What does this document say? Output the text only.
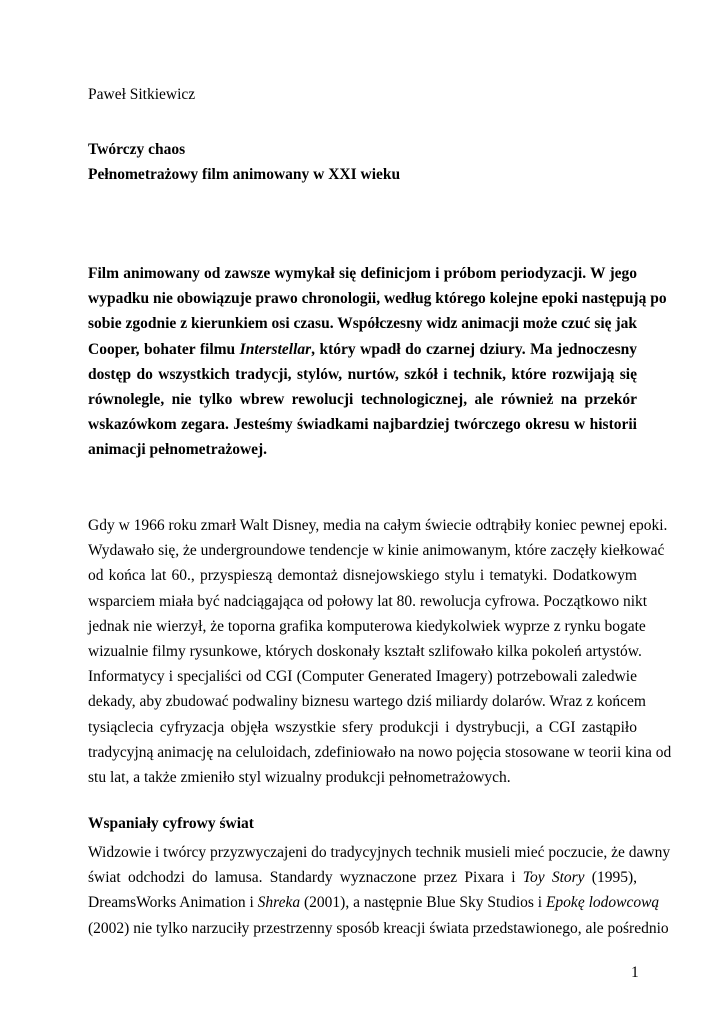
Paweł Sitkiewicz
Twórczy chaos
Pełnometrażowy film animowany w XXI wieku
Film animowany od zawsze wymykał się definicjom i próbom periodyzacji. W jego
wypadku nie obowiązuje prawo chronologii, według którego kolejne epoki następują po
sobie zgodnie z kierunkiem osi czasu. Współczesny widz animacji może czuć się jak
Cooper, bohater filmu Interstellar, który wpadł do czarnej dziury. Ma jednoczesny
dostęp do wszystkich tradycji, stylów, nurtów, szkół i technik, które rozwijają się
równolegle, nie tylko wbrew rewolucji technologicznej, ale również na przekór
wskazówkom zegara. Jesteśmy świadkami najbardziej twórczego okresu w historii
animacji pełnometrażowej.
Gdy w 1966 roku zmarł Walt Disney, media na całym świecie odtrąbiły koniec pewnej epoki.
Wydawało się, że undergroundowe tendencje w kinie animowanym, które zaczęły kiełkować
od końca lat 60., przyspieszą demontaż disnejowskiego stylu i tematyki. Dodatkowym
wsparciem miała być nadciągająca od połowy lat 80. rewolucja cyfrowa. Początkowo nikt
jednak nie wierzył, że toporna grafika komputerowa kiedykolwiek wyprze z rynku bogate
wizualnie filmy rysunkowe, których doskonały kształt szlifowało kilka pokoleń artystów.
Informatycy i specjaliści od CGI (Computer Generated Imagery) potrzebowali zaledwie
dekady, aby zbudować podwaliny biznesu wartego dziś miliardy dolarów. Wraz z końcem
tysiąclecia cyfryzacja objęła wszystkie sfery produkcji i dystrybucji, a CGI zastąpiło
tradycyjną animację na celuloidach, zdefiniowało na nowo pojęcia stosowane w teorii kina od
stu lat, a także zmieniło styl wizualny produkcji pełnometrażowych.
Wspaniały cyfrowy świat
Widzowie i twórcy przyzwyczajeni do tradycyjnych technik musieli mieć poczucie, że dawny
świat odchodzi do lamusa. Standardy wyznaczone przez Pixara i Toy Story (1995),
DreamsWorks Animation i Shreka (2001), a następnie Blue Sky Studios i Epokę lodowcową
(2002) nie tylko narzuciły przestrzenny sposób kreacji świata przedstawionego, ale pośrednio
1
